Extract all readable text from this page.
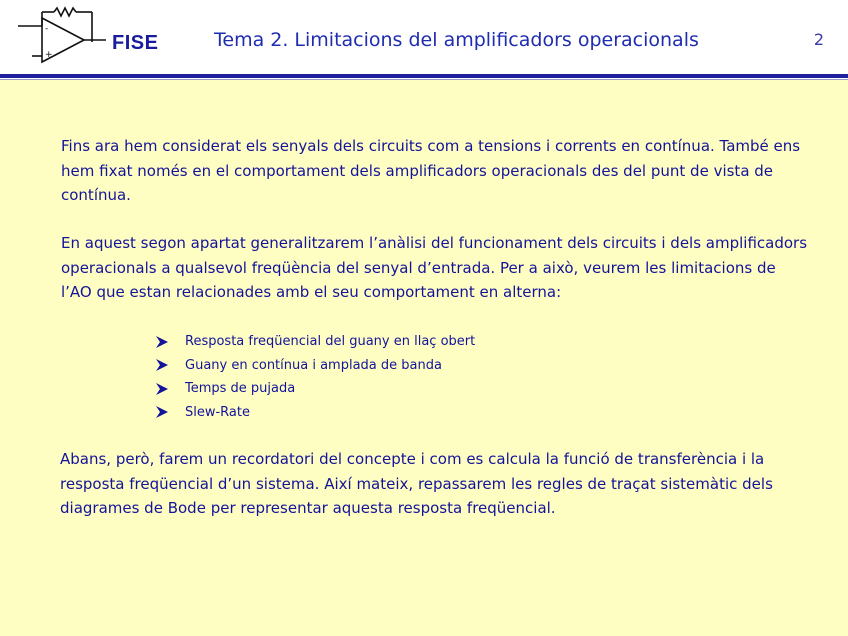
-
+
FISE	Tema 2. Limitacions del amplificadors operacionals	2
Fins ara hem considerat els senyals dels circuits com a tensions i corrents en contínua. També ens hem fixat només en el comportament dels amplificadors operacionals des del punt de vista de contínua.
En aquest segon apartat generalitzarem l’anàlisi del funcionament dels circuits i dels amplificadors operacionals a qualsevol freqüència del senyal d’entrada. Per a això, veurem les limitacions de l’AO que estan relacionades amb el seu comportament en alterna:
Resposta freqüencial del guany en llaç obert
Guany en contínua i amplada de banda
Temps de pujada
Slew-Rate
Abans, però, farem un recordatori del concepte i com es calcula la funció de transferència i la resposta freqüencial d’un sistema. Així mateix, repassarem les regles de traçat sistemàtic dels diagrames de Bode per representar aquesta resposta freqüencial.
